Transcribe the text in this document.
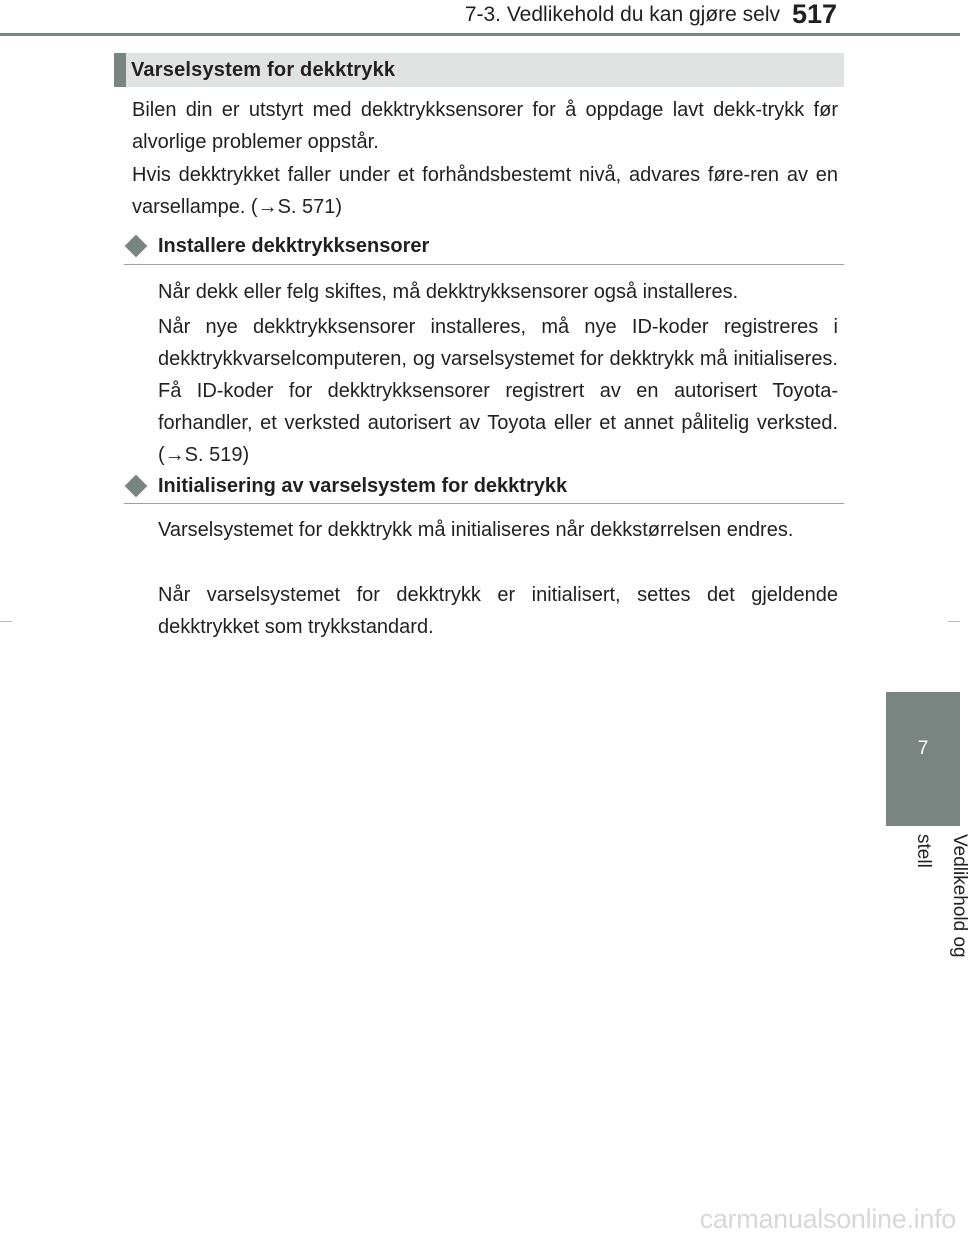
7-3. Vedlikehold du kan gjøre selv 517
Varselsystem for dekktrykk

Bilen din er utstyrt med dekktrykksensorer for å oppdage lavt dekk-trykk før alvorlige problemer oppstår.

Hvis dekktrykket faller under et forhåndsbestemt nivå, advares føre-ren av en varsellampe. (→S. 571)

Installere dekktrykksensorer

Når dekk eller felg skiftes, må dekktrykksensorer også installeres.

Når nye dekktrykksensorer installeres, må nye ID-koder registreres i dekktrykkvarselcomputeren, og varselsystemet for dekktrykk må initialiseres. Få ID-koder for dekktrykksensorer registrert av en autorisert Toyota-forhandler, et verksted autorisert av Toyota eller et annet pålitelig verksted. (→S. 519)

Initialisering av varselsystem for dekktrykk

Varselsystemet for dekktrykk må initialiseres når dekkstørrelsen endres.

Når varselsystemet for dekktrykk er initialisert, settes det gjeldende dekktrykket som trykkstandard.

7
Vedlikehold og stell
carmanualsonline.info
